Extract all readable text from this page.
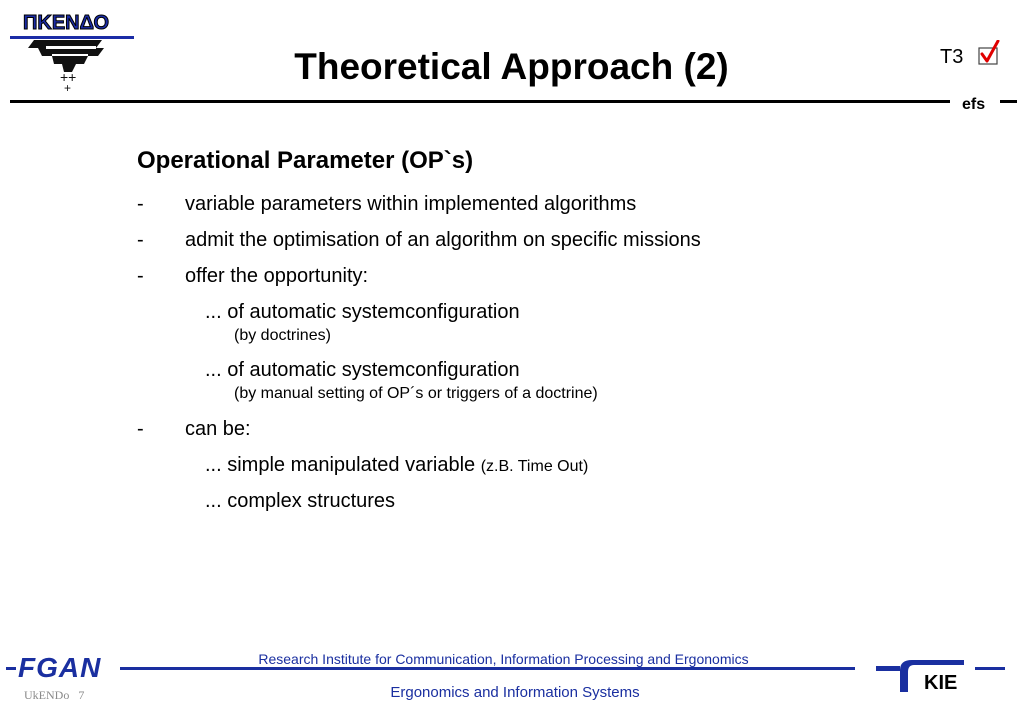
ΠΚΕΝΔΟ
++
+
Theoretical Approach (2)	T3
efs
Operational Parameter (OP`s)
- variable parameters within implemented algorithms
- admit the optimisation of an algorithm on specific missions
- offer the opportunity:
... of automatic systemconfiguration
(by doctrines)
... of automatic systemconfiguration
(by manual setting of OP´s or triggers of a doctrine)
- can be:
... simple manipulated variable (z.B. Time Out)
... complex structures
FGAN	Research Institute for Communication, Information Processing and Ergonomics
Ergonomics and Information Systems
UkENDo 7
KIE
